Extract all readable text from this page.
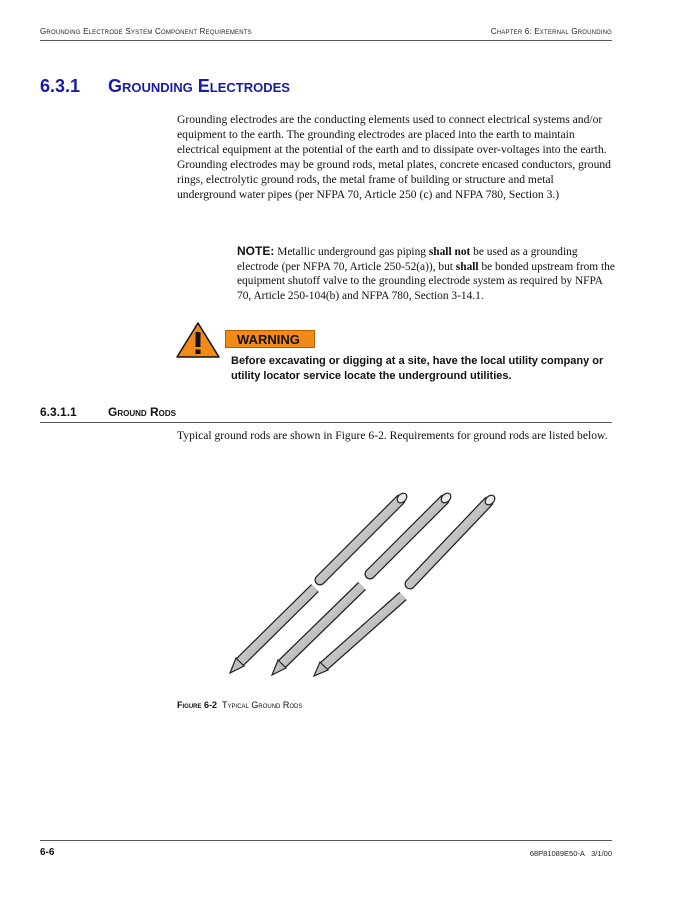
Grounding Electrode System Component Requirements	Chapter 6: External Grounding
6.3.1 Grounding Electrodes

Grounding electrodes are the conducting elements used to connect electrical systems and/or equipment to the earth. The grounding electrodes are placed into the earth to maintain electrical equipment at the potential of the earth and to dissipate over-voltages into the earth. Grounding electrodes may be ground rods, metal plates, concrete encased conductors, ground rings, electrolytic ground rods, the metal frame of building or structure and metal underground water pipes (per NFPA 70, Article 250 (c) and NFPA 780, Section 3.)

NOTE: Metallic underground gas piping shall not be used as a grounding electrode (per NFPA 70, Article 250-52(a)), but shall be bonded upstream from the equipment shutoff valve to the grounding electrode system as required by NFPA 70, Article 250-104(b) and NFPA 780, Section 3-14.1.

WARNING

Before excavating or digging at a site, have the local utility company or utility locator service locate the underground utilities.

6.3.1.1	Ground Rods

Typical ground rods are shown in Figure 6-2. Requirements for ground rods are listed below.

Figure 6-2 Typical Ground Rods
6-6	68P81089E50-A 3/1/00
